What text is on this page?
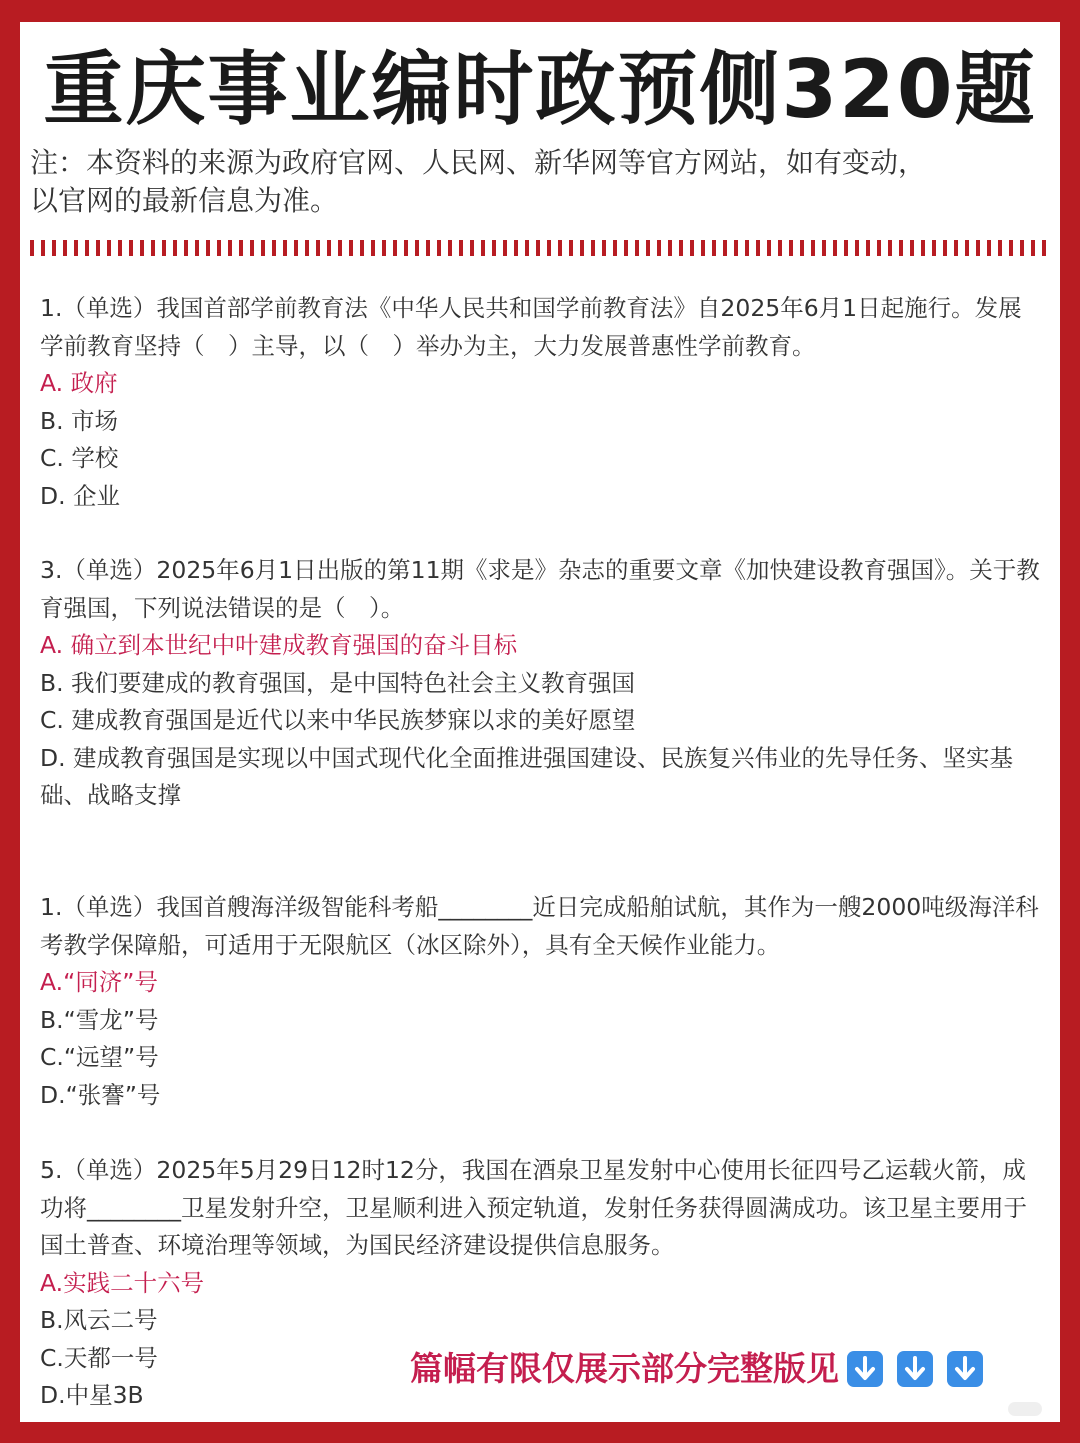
重庆事业编时政预侧320题
注：本资料的来源为政府官网、人民网、新华网等官方网站，如有变动，
以官网的最新信息为准。

1.（单选）我国首部学前教育法《中华人民共和国学前教育法》自2025年6月1日起施行。发展学前教育坚持（　）主导，以（　）举办为主，大力发展普惠性学前教育。

A. 政府

B. 市场

C. 学校

D. 企业

3.（单选）2025年6月1日出版的第11期《求是》杂志的重要文章《加快建设教育强国》。关于教育强国，下列说法错误的是（　）。

A. 确立到本世纪中叶建成教育强国的奋斗目标

B. 我们要建成的教育强国，是中国特色社会主义教育强国

C. 建成教育强国是近代以来中华民族梦寐以求的美好愿望

D. 建成教育强国是实现以中国式现代化全面推进强国建设、民族复兴伟业的先导任务、坚实基础、战略支撑

1.（单选）我国首艘海洋级智能科考船________近日完成船舶试航，其作为一艘2000吨级海洋科考教学保障船，可适用于无限航区（冰区除外），具有全天候作业能力。

A.“同济”号

B.“雪龙”号

C.“远望”号

D.“张謇”号

5.（单选）2025年5月29日12时12分，我国在酒泉卫星发射中心使用长征四号乙运载火箭，成功将________卫星发射升空，卫星顺利进入预定轨道，发射任务获得圆满成功。该卫星主要用于国土普查、环境治理等领域，为国民经济建设提供信息服务。

A.实践二十六号

B.风云二号

C.天都一号

D.中星3B

篇幅有限仅展示部分完整版见
